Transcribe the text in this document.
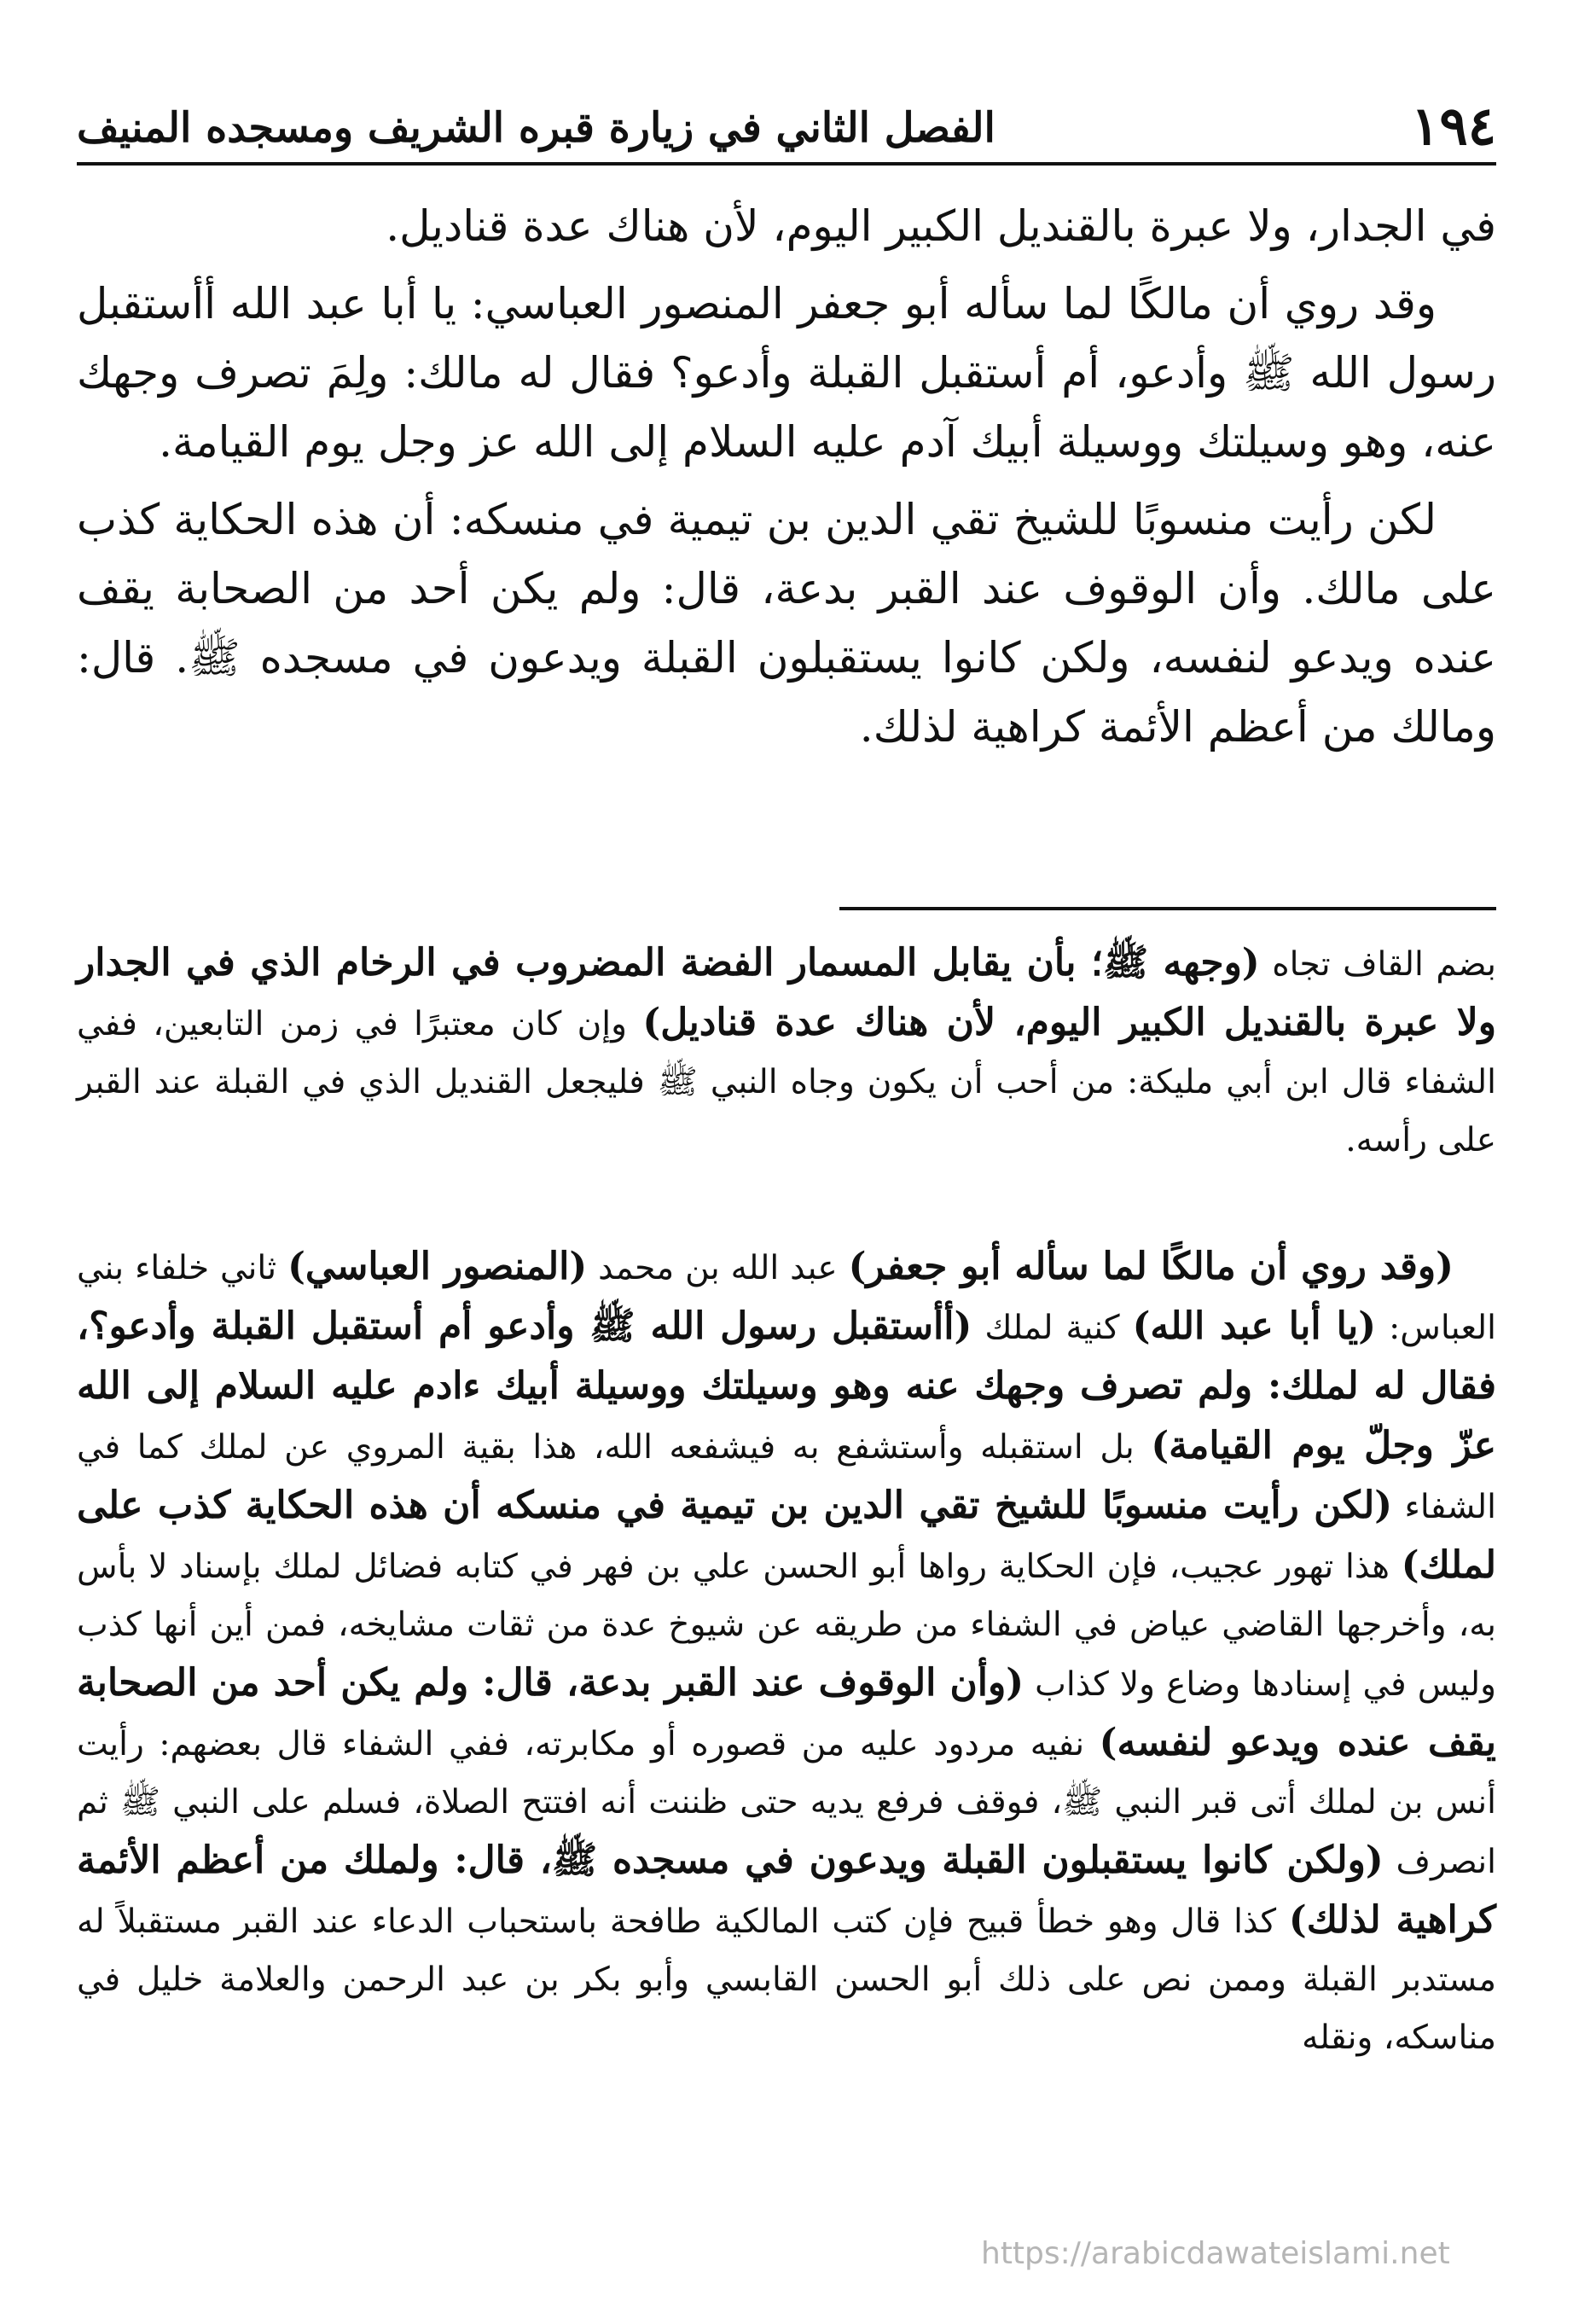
١٩٤
الفصل الثاني في زيارة قبره الشريف ومسجده المنيف

في الجدار، ولا عبرة بالقنديل الكبير اليوم، لأن هناك عدة قناديل.

وقد روي أن مالكًا لما سأله أبو جعفر المنصور العباسي: يا أبا عبد الله أأستقبل رسول الله ﷺ وأدعو، أم أستقبل القبلة وأدعو؟ فقال له مالك: ولِمَ تصرف وجهك عنه، وهو وسيلتك ووسيلة أبيك آدم عليه السلام إلى الله عز وجل يوم القيامة.

لكن رأيت منسوبًا للشيخ تقي الدين بن تيمية في منسكه: أن هذه الحكاية كذب على مالك. وأن الوقوف عند القبر بدعة، قال: ولم يكن أحد من الصحابة يقف عنده ويدعو لنفسه، ولكن كانوا يستقبلون القبلة ويدعون في مسجده ﷺ. قال: ومالك من أعظم الأئمة كراهية لذلك.

بضم القاف تجاه (وجهه ﷺ؛ بأن يقابل المسمار الفضة المضروب في الرخام الذي في الجدار ولا عبرة بالقنديل الكبير اليوم، لأن هناك عدة قناديل) وإن كان معتبرًا في زمن التابعين، ففي الشفاء قال ابن أبي مليكة: من أحب أن يكون وجاه النبي ﷺ فليجعل القنديل الذي في القبلة عند القبر على رأسه.

(وقد روي أن مالكًا لما سأله أبو جعفر) عبد الله بن محمد (المنصور العباسي) ثاني خلفاء بني العباس: (يا أبا عبد الله) كنية لملك (أأستقبل رسول الله ﷺ وأدعو أم أستقبل القبلة وأدعو؟، فقال له لملك: ولم تصرف وجهك عنه وهو وسيلتك ووسيلة أبيك ءادم عليه السلام إلى الله عزّ وجلّ يوم القيامة) بل استقبله وأستشفع به فيشفعه الله، هذا بقية المروي عن لملك كما في الشفاء (لكن رأيت منسوبًا للشيخ تقي الدين بن تيمية في منسكه أن هذه الحكاية كذب على لملك) هذا تهور عجيب، فإن الحكاية رواها أبو الحسن علي بن فهر في كتابه فضائل لملك بإسناد لا بأس به، وأخرجها القاضي عياض في الشفاء من طريقه عن شيوخ عدة من ثقات مشايخه، فمن أين أنها كذب وليس في إسنادها وضاع ولا كذاب (وأن الوقوف عند القبر بدعة، قال: ولم يكن أحد من الصحابة يقف عنده ويدعو لنفسه) نفيه مردود عليه من قصوره أو مكابرته، ففي الشفاء قال بعضهم: رأيت أنس بن لملك أتى قبر النبي ﷺ، فوقف فرفع يديه حتى ظننت أنه افتتح الصلاة، فسلم على النبي ﷺ ثم انصرف (ولكن كانوا يستقبلون القبلة ويدعون في مسجده ﷺ، قال: ولملك من أعظم الأئمة كراهية لذلك) كذا قال وهو خطأ قبيح فإن كتب المالكية طافحة باستحباب الدعاء عند القبر مستقبلاً له مستدبر القبلة وممن نص على ذلك أبو الحسن القابسي وأبو بكر بن عبد الرحمن والعلامة خليل في مناسكه، ونقله

https://arabicdawateislami.net
